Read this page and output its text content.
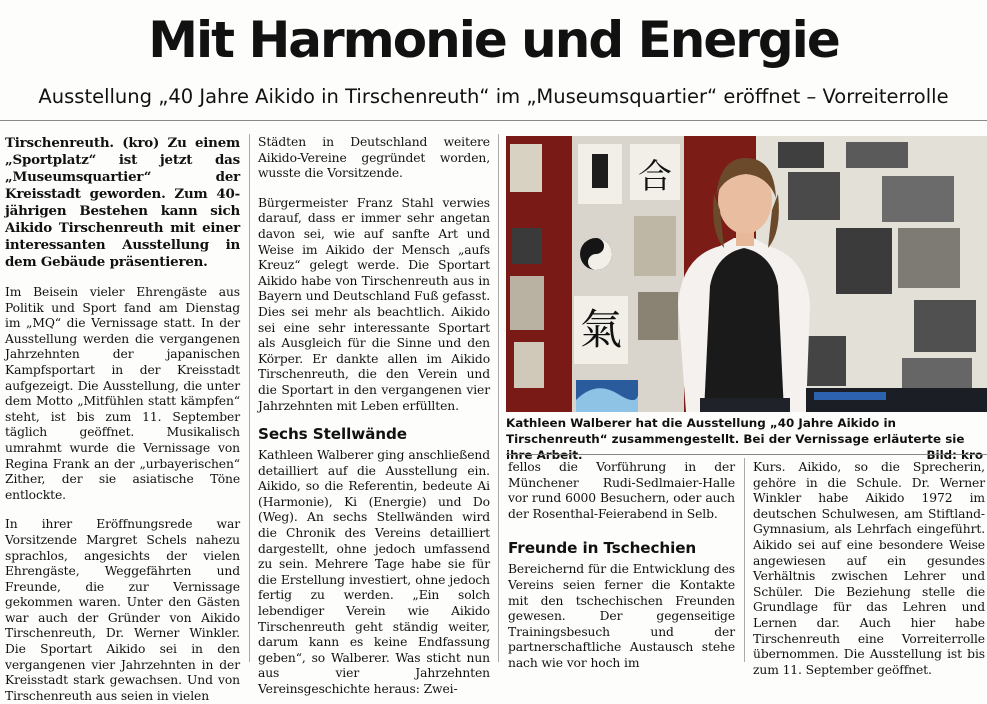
Mit Harmonie und Energie

Ausstellung „40 Jahre Aikido in Tirschenreuth“ im „Museumsquartier“ eröffnet – Vorreiterrolle

Tirschenreuth. (kro) Zu einem „Sportplatz“ ist jetzt das „Museumsquartier“ der Kreisstadt geworden. Zum 40-jährigen Bestehen kann sich Aikido Tirschenreuth mit einer interessanten Ausstellung in dem Gebäude präsentieren.

Im Beisein vieler Ehrengäste aus Politik und Sport fand am Dienstag im „MQ“ die Vernissage statt. In der Ausstellung werden die vergangenen Jahrzehnten der japanischen Kampfsportart in der Kreisstadt aufgezeigt. Die Ausstellung, die unter dem Motto „Mitfühlen statt kämpfen“ steht, ist bis zum 11. September täglich geöffnet. Musikalisch umrahmt wurde die Vernissage von Regina Frank an der „urbayerischen“ Zither, der sie asiatische Töne entlockte.

In ihrer Eröffnungsrede war Vorsitzende Margret Schels nahezu sprachlos, angesichts der vielen Ehrengäste, Weggefährten und Freunde, die zur Vernissage gekommen waren. Unter den Gästen war auch der Gründer von Aikido Tirschenreuth, Dr. Werner Winkler. Die Sportart Aikido sei in den vergangenen vier Jahrzehnten in der Kreisstadt stark gewachsen. Und von Tirschenreuth aus seien in vielen

Städten in Deutschland weitere Aikido-Vereine gegründet worden, wusste die Vorsitzende.

Bürgermeister Franz Stahl verwies darauf, dass er immer sehr angetan davon sei, wie auf sanfte Art und Weise im Aikido der Mensch „aufs Kreuz“ gelegt werde. Die Sportart Aikido habe von Tirschenreuth aus in Bayern und Deutschland Fuß gefasst. Dies sei mehr als beachtlich. Aikido sei eine sehr interessante Sportart als Ausgleich für die Sinne und den Körper. Er dankte allen im Aikido Tirschenreuth, die den Verein und die Sportart in den vergangenen vier Jahrzehnten mit Leben erfüllten.

Sechs Stellwände

Kathleen Walberer ging anschließend detailliert auf die Ausstellung ein. Aikido, so die Referentin, bedeute Ai (Harmonie), Ki (Energie) und Do (Weg). An sechs Stellwänden wird die Chronik des Vereins detailliert dargestellt, ohne jedoch umfassend zu sein. Mehrere Tage habe sie für die Erstellung investiert, ohne jedoch fertig zu werden. „Ein solch lebendiger Verein wie Aikido Tirschenreuth geht ständig weiter, darum kann es keine Endfassung geben“, so Walberer. Was sticht nun aus vier Jahrzehnten Vereinsgeschichte heraus: Zwei-

氣
合
Kathleen Walberer hat die Ausstellung „40 Jahre Aikido in Tirschenreuth“ zusammengestellt. Bei der Vernissage erläuterte sie ihre Arbeit.	Bild: kro

fellos die Vorführung in der Münchener Rudi-Sedlmaier-Halle vor rund 6000 Besuchern, oder auch der Rosenthal-Feierabend in Selb.

Freunde in Tschechien

Bereichernd für die Entwicklung des Vereins seien ferner die Kontakte mit den tschechischen Freunden gewesen. Der gegenseitige Trainingsbesuch und der partnerschaftliche Austausch stehe nach wie vor hoch im

Kurs. Aikido, so die Sprecherin, gehöre in die Schule. Dr. Werner Winkler habe Aikido 1972 im deutschen Schulwesen, am Stiftland-Gymnasium, als Lehrfach eingeführt. Aikido sei auf eine besondere Weise angewiesen auf ein gesundes Verhältnis zwischen Lehrer und Schüler. Die Beziehung stelle die Grundlage für das Lehren und Lernen dar. Auch hier habe Tirschenreuth eine Vorreiterrolle übernommen. Die Ausstellung ist bis zum 11. September geöffnet.
